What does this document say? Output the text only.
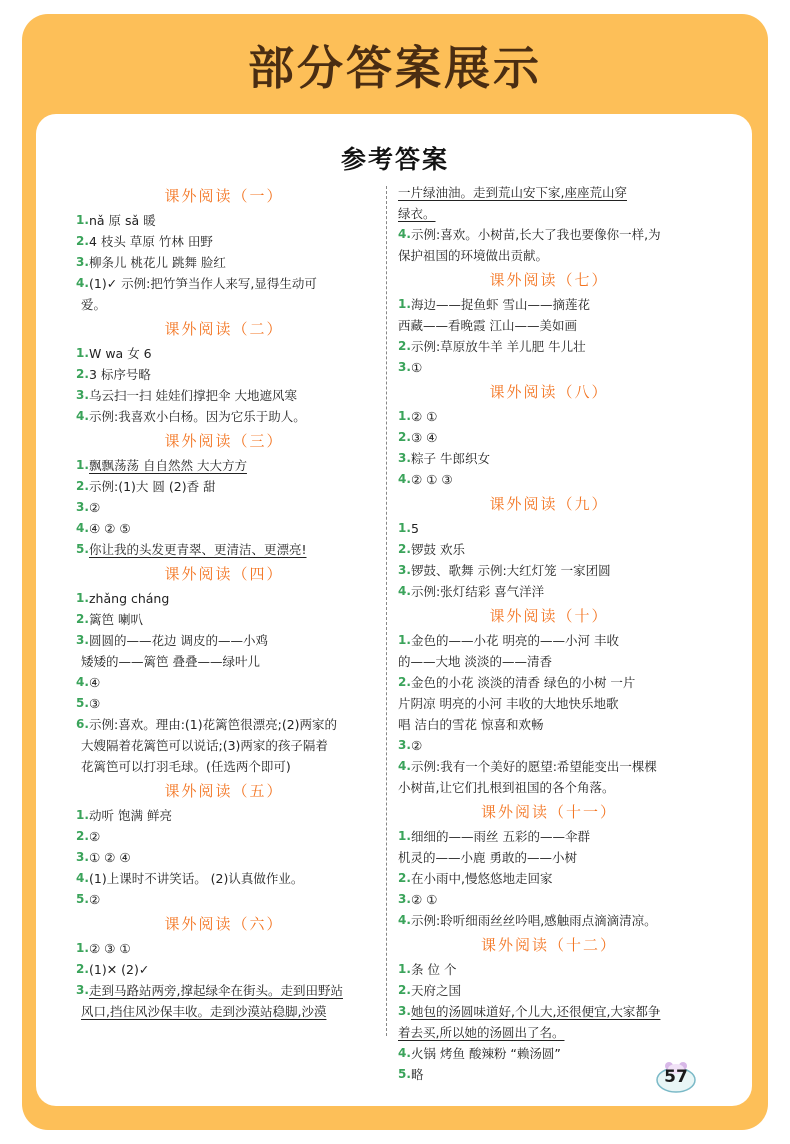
部分答案展示
参考答案
课外阅读（一）
1. nǎ 原 sǎ 暖
2. 4 枝头 草原 竹林 田野
3. 柳条儿 桃花儿 跳舞 脸红
4. (1)✓ 示例:把竹笋当作人来写,显得生动可
爱。
课外阅读（二）
1. W wa 女 6
2. 3 标序号略
3. 乌云扫一扫 娃娃们撑把伞 大地遮风寒
4. 示例:我喜欢小白杨。因为它乐于助人。
课外阅读（三）
1. 飘飘荡荡 自自然然 大大方方
2. 示例:(1)大 圆 (2)香 甜
3. ②
4. ④ ② ⑤
5. 你让我的头发更青翠、更清洁、更漂亮!
课外阅读（四）
1. zhǎng cháng
2. 篱笆 喇叭
3. 圆圆的——花边 调皮的——小鸡
矮矮的——篱笆 叠叠——绿叶儿
4. ④
5. ③
6. 示例:喜欢。理由:(1)花篱笆很漂亮;(2)两家的
大嫂隔着花篱笆可以说话;(3)两家的孩子隔着
花篱笆可以打羽毛球。(任选两个即可)
课外阅读（五）
1. 动听 饱满 鲜亮
2. ②
3. ① ② ④
4. (1)上课时不讲笑话。 (2)认真做作业。
5. ②
课外阅读（六）
1. ② ③ ①
2. (1)✕ (2)✓
3. 走到马路站两旁,撑起绿伞在街头。走到田野站
风口,挡住风沙保丰收。走到沙漠站稳脚,沙漠
一片绿油油。走到荒山安下家,座座荒山穿
绿衣。
4. 示例:喜欢。小树苗,长大了我也要像你一样,为
保护祖国的环境做出贡献。
课外阅读（七）
1. 海边——捉鱼虾 雪山——摘莲花
西藏——看晚霞 江山——美如画
2. 示例:草原放牛羊 羊儿肥 牛儿壮
3. ①
课外阅读（八）
1. ② ①
2. ③ ④
3. 粽子 牛郎织女
4. ② ① ③
课外阅读（九）
1. 5
2. 锣鼓 欢乐
3. 锣鼓、歌舞 示例:大红灯笼 一家团圆
4. 示例:张灯结彩 喜气洋洋
课外阅读（十）
1. 金色的——小花 明亮的——小河 丰收
的——大地 淡淡的——清香
2. 金色的小花 淡淡的清香 绿色的小树 一片
片阴凉 明亮的小河 丰收的大地快乐地歌
唱 洁白的雪花 惊喜和欢畅
3. ②
4. 示例:我有一个美好的愿望:希望能变出一棵棵
小树苗,让它们扎根到祖国的各个角落。
课外阅读（十一）
1. 细细的——雨丝 五彩的——伞群
机灵的——小鹿 勇敢的——小树
2. 在小雨中,慢悠悠地走回家
3. ② ①
4. 示例:聆听细雨丝丝吟唱,感触雨点滴滴清凉。
课外阅读（十二）
1. 条 位 个
2. 天府之国
3. 她包的汤圆味道好,个儿大,还很便宜,大家都争
着去买,所以她的汤圆出了名。
4. 火锅 烤鱼 酸辣粉 “赖汤圆”
5. 略	57
